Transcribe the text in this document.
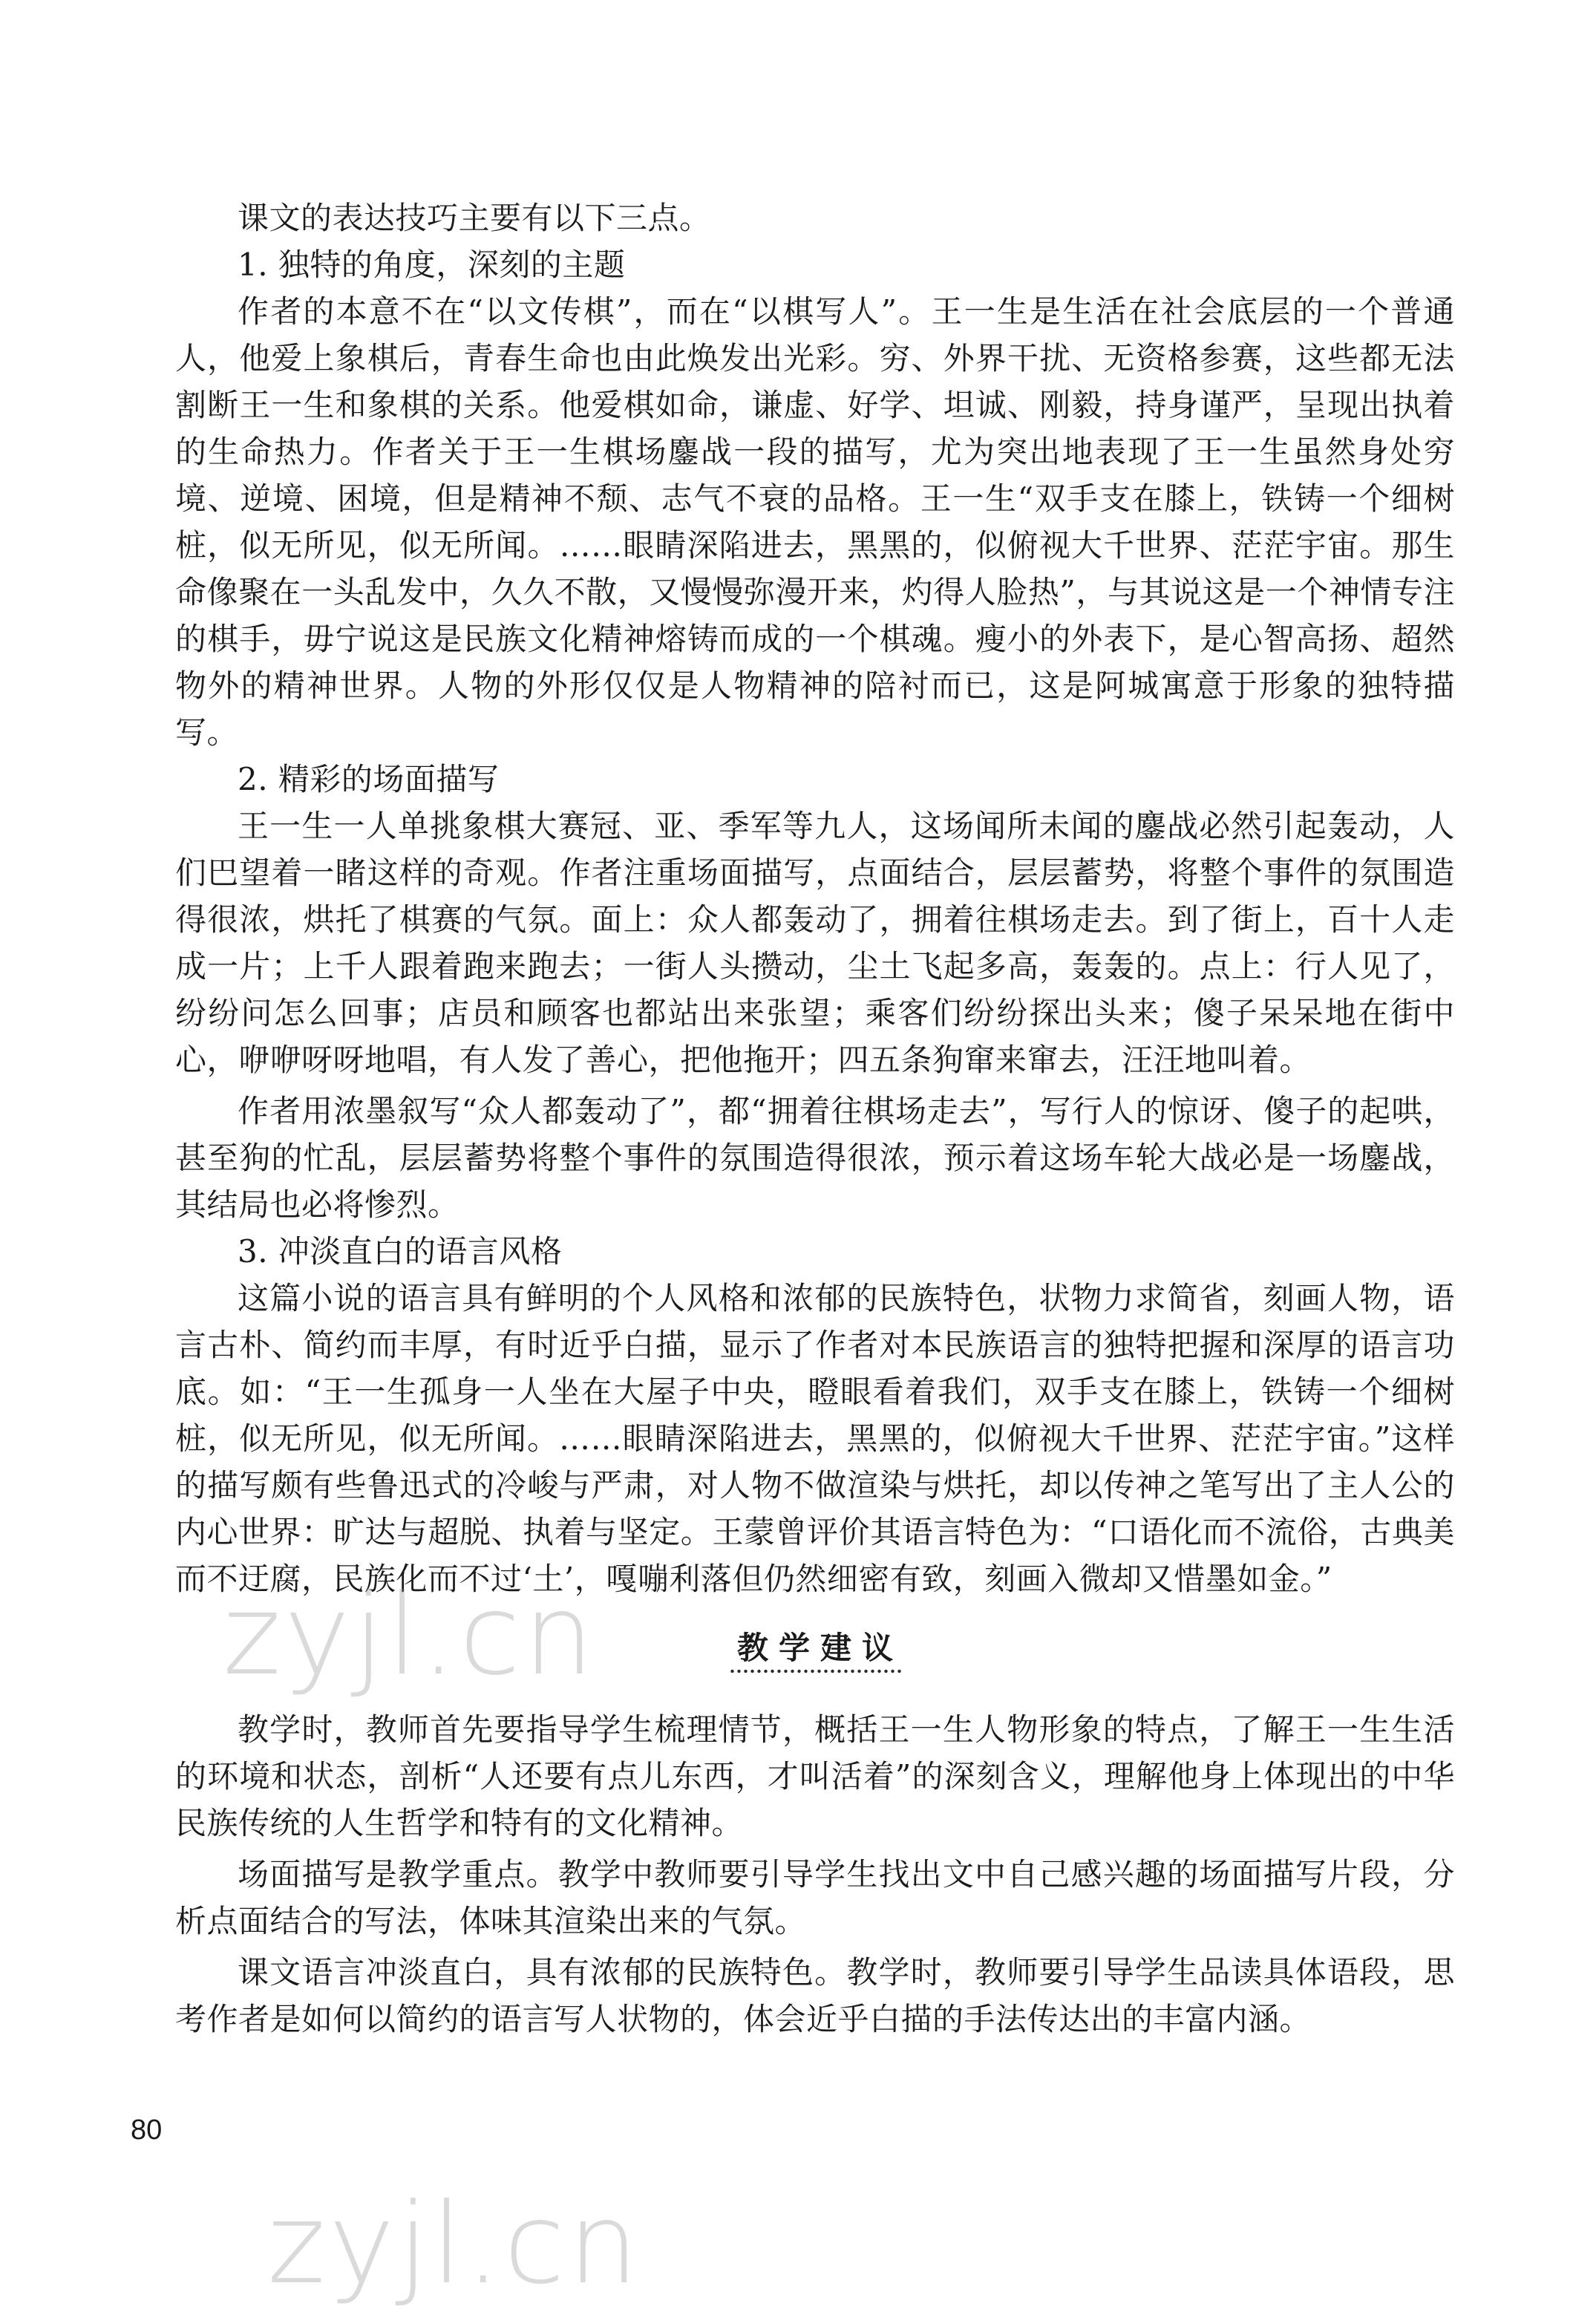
课文的表达技巧主要有以下三点。

1. 独特的角度，深刻的主题

作者的本意不在“以文传棋”，而在“以棋写人”。王一生是生活在社会底层的一个普通人，他爱上象棋后，青春生命也由此焕发出光彩。穷、外界干扰、无资格参赛，这些都无法割断王一生和象棋的关系。他爱棋如命，谦虚、好学、坦诚、刚毅，持身谨严，呈现出执着的生命热力。作者关于王一生棋场鏖战一段的描写，尤为突出地表现了王一生虽然身处穷境、逆境、困境，但是精神不颓、志气不衰的品格。王一生“双手支在膝上，铁铸一个细树桩，似无所见，似无所闻。……眼睛深陷进去，黑黑的，似俯视大千世界、茫茫宇宙。那生命像聚在一头乱发中，久久不散，又慢慢弥漫开来，灼得人脸热”，与其说这是一个神情专注的棋手，毋宁说这是民族文化精神熔铸而成的一个棋魂。瘦小的外表下，是心智高扬、超然物外的精神世界。人物的外形仅仅是人物精神的陪衬而已，这是阿城寓意于形象的独特描写。

2. 精彩的场面描写

王一生一人单挑象棋大赛冠、亚、季军等九人，这场闻所未闻的鏖战必然引起轰动，人们巴望着一睹这样的奇观。作者注重场面描写，点面结合，层层蓄势，将整个事件的氛围造得很浓，烘托了棋赛的气氛。面上：众人都轰动了，拥着往棋场走去。到了街上，百十人走成一片；上千人跟着跑来跑去；一街人头攒动，尘土飞起多高，轰轰的。点上：行人见了，纷纷问怎么回事；店员和顾客也都站出来张望；乘客们纷纷探出头来；傻子呆呆地在街中心，咿咿呀呀地唱，有人发了善心，把他拖开；四五条狗窜来窜去，汪汪地叫着。

作者用浓墨叙写“众人都轰动了”，都“拥着往棋场走去”，写行人的惊讶、傻子的起哄，甚至狗的忙乱，层层蓄势将整个事件的氛围造得很浓，预示着这场车轮大战必是一场鏖战，其结局也必将惨烈。

3. 冲淡直白的语言风格

这篇小说的语言具有鲜明的个人风格和浓郁的民族特色，状物力求简省，刻画人物，语言古朴、简约而丰厚，有时近乎白描，显示了作者对本民族语言的独特把握和深厚的语言功底。如：“王一生孤身一人坐在大屋子中央，瞪眼看着我们，双手支在膝上，铁铸一个细树桩，似无所见，似无所闻。……眼睛深陷进去，黑黑的，似俯视大千世界、茫茫宇宙。”这样的描写颇有些鲁迅式的冷峻与严肃，对人物不做渲染与烘托，却以传神之笔写出了主人公的内心世界：旷达与超脱、执着与坚定。王蒙曾评价其语言特色为：“口语化而不流俗，古典美而不迂腐，民族化而不过‘土’，嘎嘣利落但仍然细密有致，刻画入微却又惜墨如金。”

教学建议

教学时，教师首先要指导学生梳理情节，概括王一生人物形象的特点，了解王一生生活的环境和状态，剖析“人还要有点儿东西，才叫活着”的深刻含义，理解他身上体现出的中华民族传统的人生哲学和特有的文化精神。

场面描写是教学重点。教学中教师要引导学生找出文中自己感兴趣的场面描写片段，分析点面结合的写法，体味其渲染出来的气氛。

课文语言冲淡直白，具有浓郁的民族特色。教学时，教师要引导学生品读具体语段，思考作者是如何以简约的语言写人状物的，体会近乎白描的手法传达出的丰富内涵。

80
zyjl.cn
zyjl.cn
